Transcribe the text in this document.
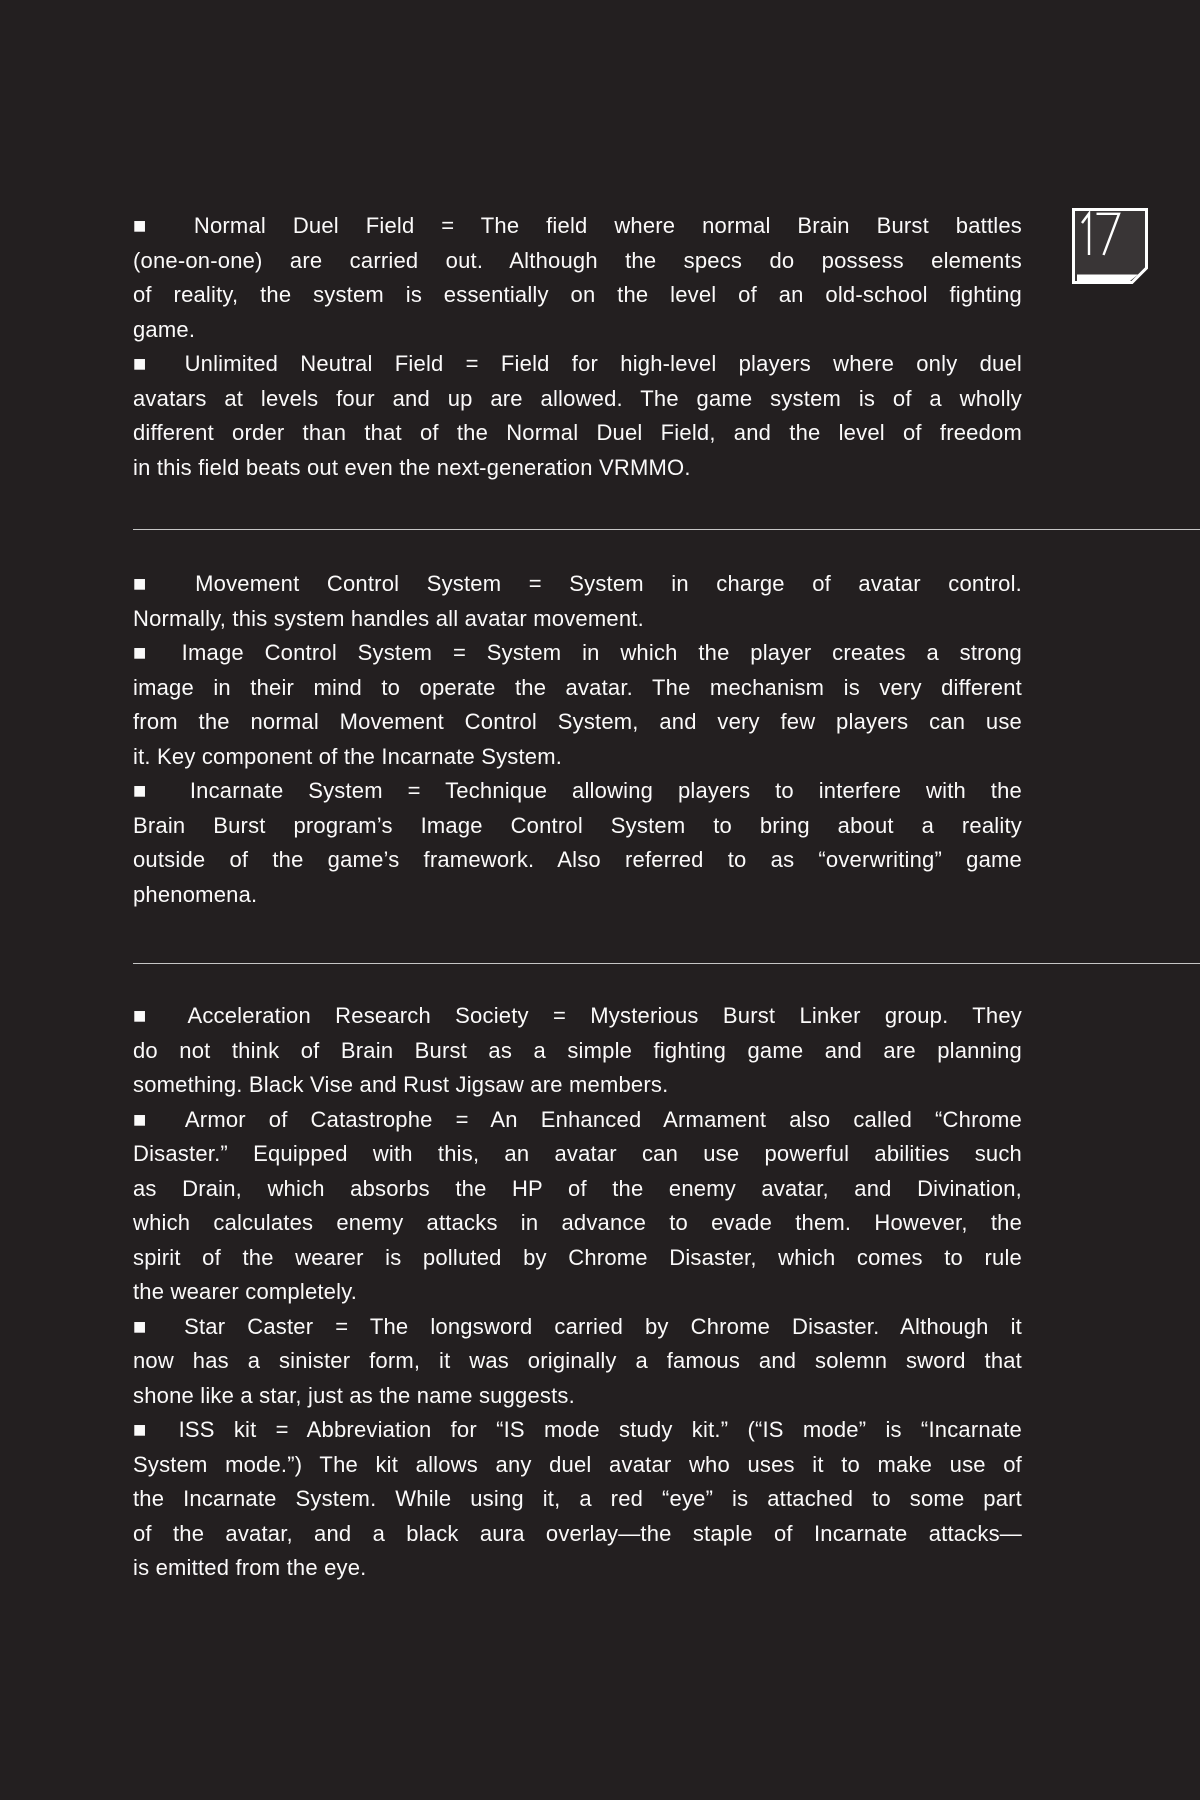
■ Normal Duel Field = The field where normal Brain Burst battles
(one-on-one) are carried out. Although the specs do possess elements
of reality, the system is essentially on the level of an old-school fighting
game.
■ Unlimited Neutral Field = Field for high-level players where only duel
avatars at levels four and up are allowed. The game system is of a wholly
different order than that of the Normal Duel Field, and the level of freedom
in this field beats out even the next-generation VRMMO.
■ Movement Control System = System in charge of avatar control.
Normally, this system handles all avatar movement.
■ Image Control System = System in which the player creates a strong
image in their mind to operate the avatar. The mechanism is very different
from the normal Movement Control System, and very few players can use
it. Key component of the Incarnate System.
■ Incarnate System = Technique allowing players to interfere with the
Brain Burst program’s Image Control System to bring about a reality
outside of the game’s framework. Also referred to as “overwriting” game
phenomena.
■ Acceleration Research Society = Mysterious Burst Linker group. They
do not think of Brain Burst as a simple fighting game and are planning
something. Black Vise and Rust Jigsaw are members.
■ Armor of Catastrophe = An Enhanced Armament also called “Chrome
Disaster.” Equipped with this, an avatar can use powerful abilities such
as Drain, which absorbs the HP of the enemy avatar, and Divination,
which calculates enemy attacks in advance to evade them. However, the
spirit of the wearer is polluted by Chrome Disaster, which comes to rule
the wearer completely.
■ Star Caster = The longsword carried by Chrome Disaster. Although it
now has a sinister form, it was originally a famous and solemn sword that
shone like a star, just as the name suggests.
■ ISS kit = Abbreviation for “IS mode study kit.” (“IS mode” is “Incarnate
System mode.”) The kit allows any duel avatar who uses it to make use of
the Incarnate System. While using it, a red “eye” is attached to some part
of the avatar, and a black aura overlay—the staple of Incarnate attacks—
is emitted from the eye.
